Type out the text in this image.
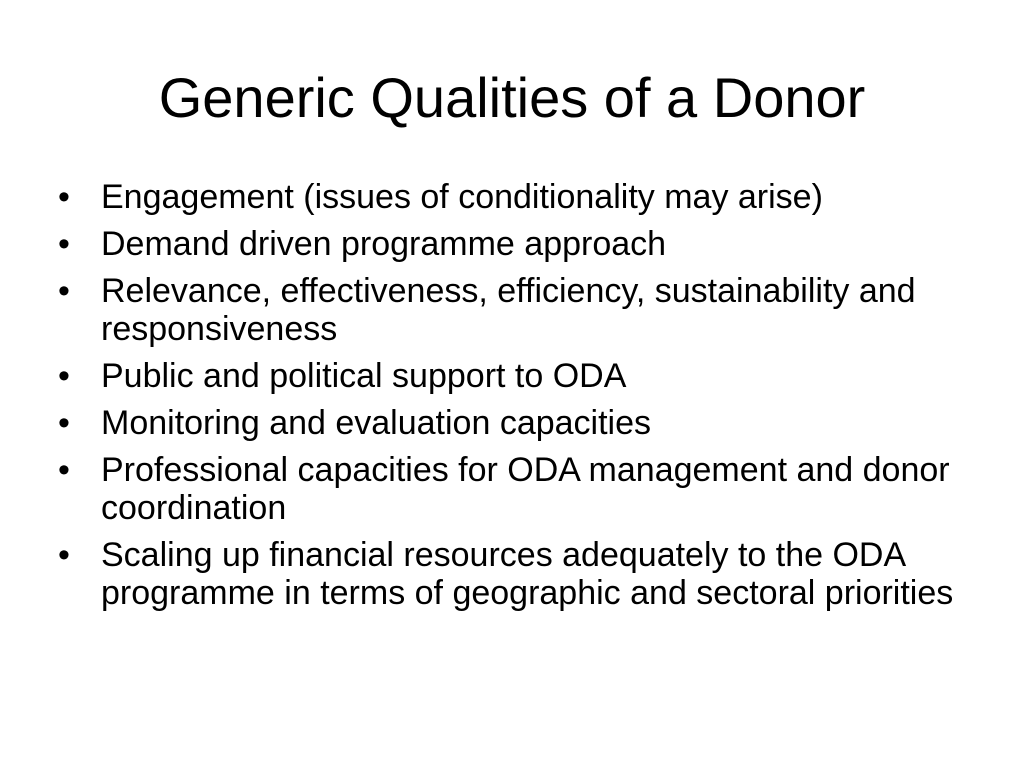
Generic Qualities of a Donor
• Engagement (issues of conditionality may arise)
• Demand driven programme approach
• Relevance, effectiveness, efficiency, sustainability and responsiveness
• Public and political support to ODA
• Monitoring and evaluation capacities
• Professional capacities for ODA management and donor coordination
• Scaling up financial resources adequately to the ODA programme in terms of geographic and sectoral priorities
